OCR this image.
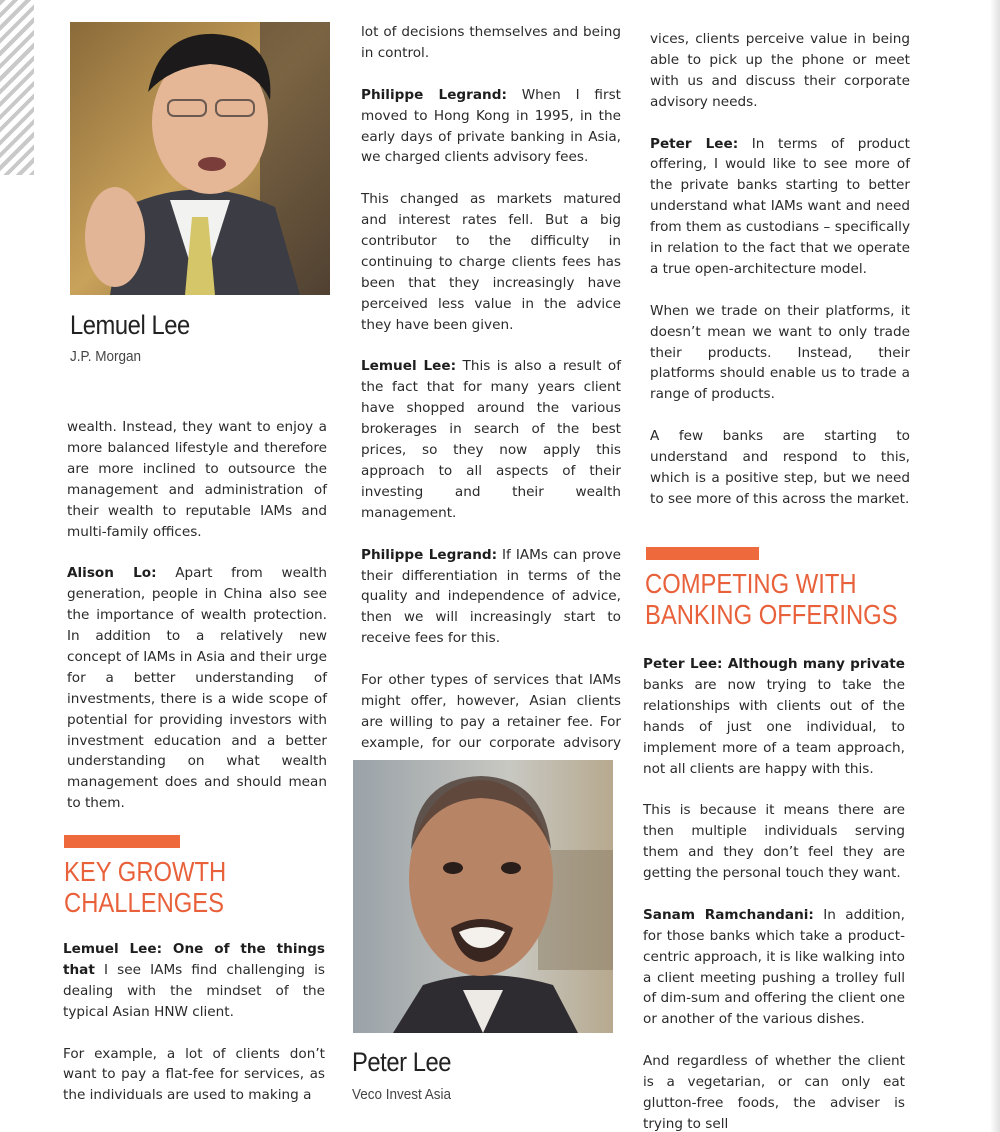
Lemuel Lee
J.P. Morgan

wealth. Instead, they want to enjoy a more balanced lifestyle and therefore are more inclined to outsource the management and administration of their wealth to reputable IAMs and multi-family offices.

Alison Lo: Apart from wealth generation, people in China also see the importance of wealth protection. In addition to a relatively new concept of IAMs in Asia and their urge for a better understanding of investments, there is a wide scope of potential for providing investors with investment education and a better understanding on what wealth management does and should mean to them.

KEY GROWTH
CHALLENGES

Lemuel Lee: One of the things that I see IAMs find challenging is dealing with the mindset of the typical Asian HNW client.

For example, a lot of clients don’t want to pay a flat-fee for services, as the individuals are used to making a

lot of decisions themselves and being in control.

Philippe Legrand: When I first moved to Hong Kong in 1995, in the early days of private banking in Asia, we charged clients advisory fees.

This changed as markets matured and interest rates fell. But a big contributor to the difficulty in continuing to charge clients fees has been that they increasingly have perceived less value in the advice they have been given.

Lemuel Lee: This is also a result of the fact that for many years client have shopped around the various brokerages in search of the best prices, so they now apply this approach to all aspects of their investing and their wealth management.

Philippe Legrand: If IAMs can prove their differentiation in terms of the quality and independence of advice, then we will increasingly start to receive fees for this.

For other types of services that IAMs might offer, however, Asian clients are willing to pay a retainer fee. For example, for our corporate advisory

Peter Lee
Veco Invest Asia

vices, clients perceive value in being able to pick up the phone or meet with us and discuss their corporate advisory needs.

Peter Lee: In terms of product offering, I would like to see more of the private banks starting to better understand what IAMs want and need from them as custodians – specifically in relation to the fact that we operate a true open-architecture model.

When we trade on their platforms, it doesn’t mean we want to only trade their products. Instead, their platforms should enable us to trade a range of products.

A few banks are starting to understand and respond to this, which is a positive step, but we need to see more of this across the market.

COMPETING WITH
BANKING OFFERINGS

Peter Lee: Although many private banks are now trying to take the relationships with clients out of the hands of just one individual, to implement more of a team approach, not all clients are happy with this.

This is because it means there are then multiple individuals serving them and they don’t feel they are getting the personal touch they want.

Sanam Ramchandani: In addition, for those banks which take a product-centric approach, it is like walking into a client meeting pushing a trolley full of dim-sum and offering the client one or another of the various dishes.

And regardless of whether the client is a vegetarian, or can only eat glutton-free foods, the adviser is trying to sell
